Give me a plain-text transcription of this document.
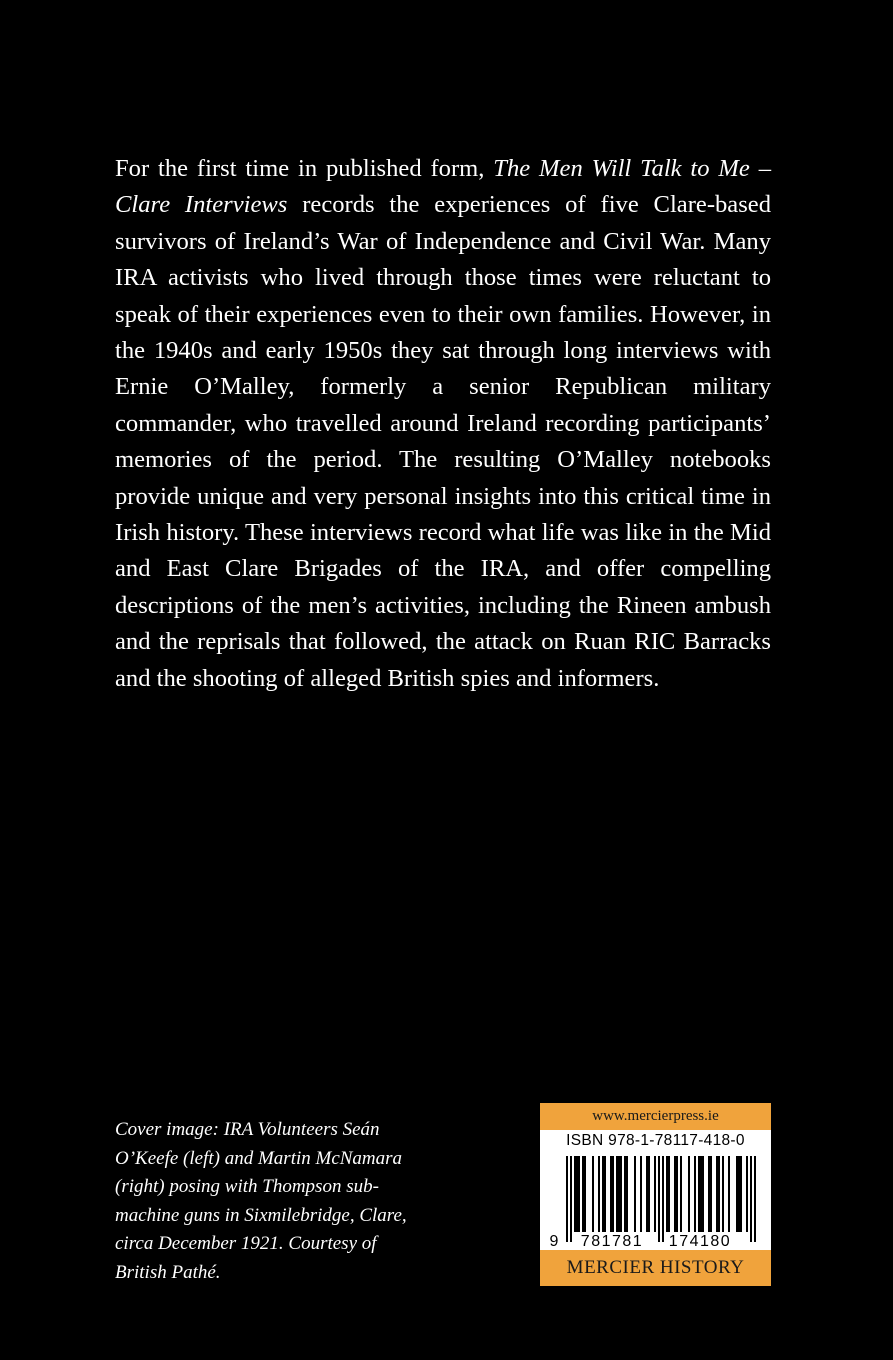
For the first time in published form, The Men Will Talk to Me – Clare Interviews records the experiences of five Clare-based survivors of Ireland’s War of Independence and Civil War. Many IRA activists who lived through those times were reluctant to speak of their experiences even to their own families. However, in the 1940s and early 1950s they sat through long interviews with Ernie O’Malley, formerly a senior Republican military commander, who travelled around Ireland recording participants’ memories of the period. The resulting O’Malley notebooks provide unique and very personal insights into this critical time in Irish history. These interviews record what life was like in the Mid and East Clare Brigades of the IRA, and offer compelling descriptions of the men’s activities, including the Rineen ambush and the reprisals that followed, the attack on Ruan RIC Barracks and the shooting of alleged British spies and informers.

Cover image: IRA Volunteers Seán O’Keefe (left) and Martin McNamara (right) posing with Thompson sub-machine guns in Sixmilebridge, Clare, circa December 1921. Courtesy of British Pathé.
www.mercierpress.ie
ISBN 978-1-78117-418-0
9 781781 174180
MERCIER HISTORY
